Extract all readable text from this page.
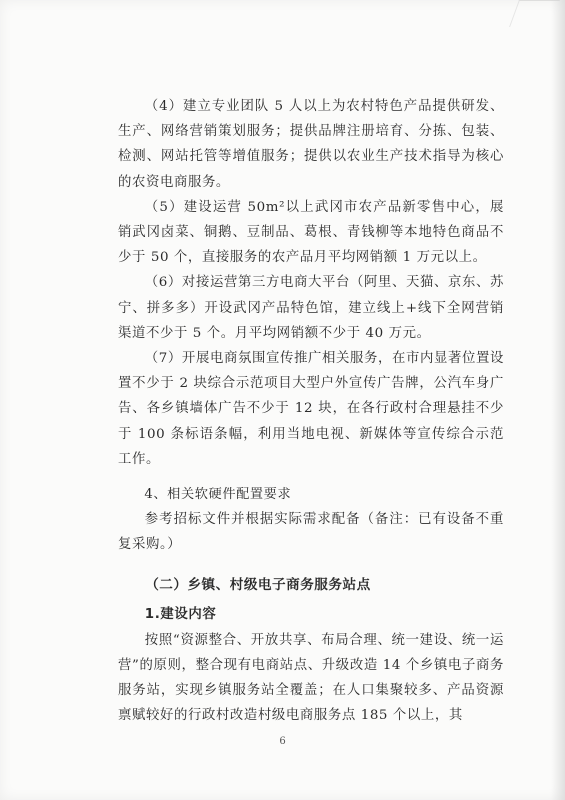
（4）建立专业团队 5 人以上为农村特色产品提供研发、生产、网络营销策划服务；提供品牌注册培育、分拣、包装、检测、网站托管等增值服务；提供以农业生产技术指导为核心的农资电商服务。

（5）建设运营 50m²以上武冈市农产品新零售中心，展销武冈卤菜、铜鹅、豆制品、葛根、青钱柳等本地特色商品不少于 50 个，直接服务的农产品月平均网销额 1 万元以上。

（6）对接运营第三方电商大平台（阿里、天猫、京东、苏宁、拼多多）开设武冈产品特色馆，建立线上+线下全网营销渠道不少于 5 个。月平均网销额不少于 40 万元。

（7）开展电商氛围宣传推广相关服务，在市内显著位置设置不少于 2 块综合示范项目大型户外宣传广告牌，公汽车身广告、各乡镇墙体广告不少于 12 块，在各行政村合理悬挂不少于 100 条标语条幅，利用当地电视、新媒体等宣传综合示范工作。

4、相关软硬件配置要求

参考招标文件并根据实际需求配备（备注：已有设备不重复采购。）

（二）乡镇、村级电子商务服务站点

1.建设内容

按照“资源整合、开放共享、布局合理、统一建设、统一运营”的原则，整合现有电商站点、升级改造 14 个乡镇电子商务服务站，实现乡镇服务站全覆盖；在人口集聚较多、产品资源禀赋较好的行政村改造村级电商服务点 185 个以上，其

6
